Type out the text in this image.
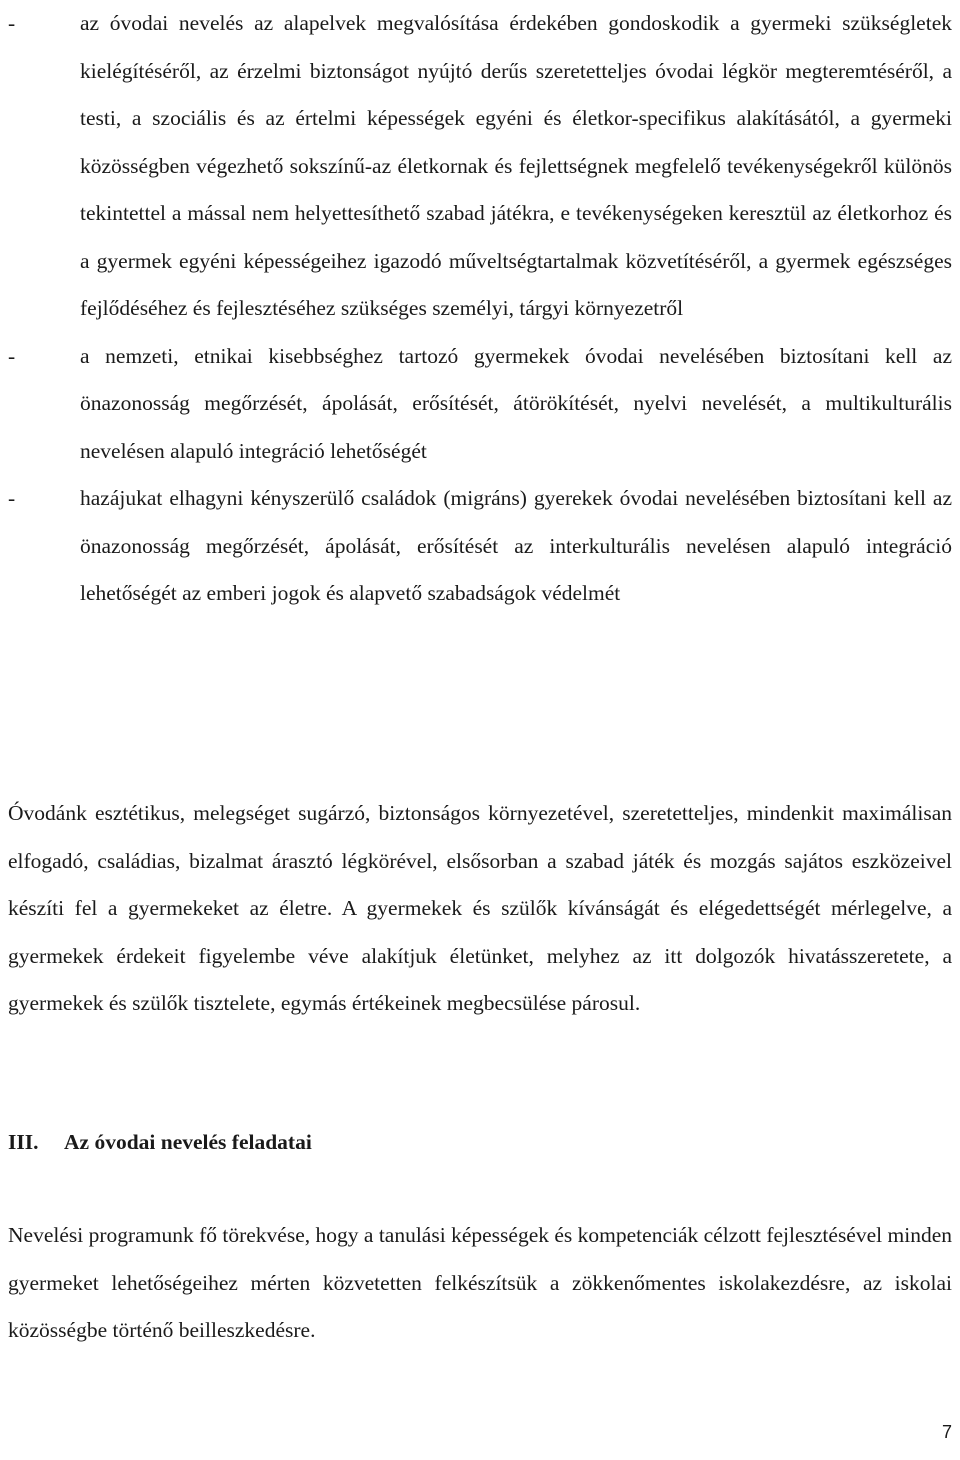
-	az óvodai nevelés az alapelvek megvalósítása érdekében gondoskodik a gyermeki szükségletek kielégítéséről, az érzelmi biztonságot nyújtó derűs szeretetteljes óvodai légkör megteremtéséről, a testi, a szociális és az értelmi képességek egyéni és életkor-specifikus alakításától, a gyermeki közösségben végezhető sokszínű-az életkornak és fejlettségnek megfelelő tevékenységekről különös tekintettel a mással nem helyettesíthető szabad játékra, e tevékenységeken keresztül az életkorhoz és a gyermek egyéni képességeihez igazodó műveltségtartalmak közvetítéséről, a gyermek egészséges fejlődéséhez és fejlesztéséhez szükséges személyi, tárgyi környezetről
-	a nemzeti, etnikai kisebbséghez tartozó gyermekek óvodai nevelésében biztosítani kell az önazonosság megőrzését, ápolását, erősítését, átörökítését, nyelvi nevelését, a multikulturális nevelésen alapuló integráció lehetőségét
-	hazájukat elhagyni kényszerülő családok (migráns) gyerekek óvodai nevelésében biztosítani kell az önazonosság megőrzését, ápolását, erősítését az interkulturális nevelésen alapuló integráció lehetőségét az emberi jogok és alapvető szabadságok védelmét

Óvodánk esztétikus, melegséget sugárzó, biztonságos környezetével, szeretetteljes, mindenkit maximálisan elfogadó, családias, bizalmat árasztó légkörével, elsősorban a szabad játék és mozgás sajátos eszközeivel készíti fel a gyermekeket az életre. A gyermekek és szülők kívánságát és elégedettségét mérlegelve, a gyermekek érdekeit figyelembe véve alakítjuk életünket, melyhez az itt dolgozók hivatásszeretete, a gyermekek és szülők tisztelete, egymás értékeinek megbecsülése párosul.

III. Az óvodai nevelés feladatai

Nevelési programunk fő törekvése, hogy a tanulási képességek és kompetenciák célzott fejlesztésével minden gyermeket lehetőségeihez mérten közvetetten felkészítsük a zökkenőmentes iskolakezdésre, az iskolai közösségbe történő beilleszkedésre.

7
